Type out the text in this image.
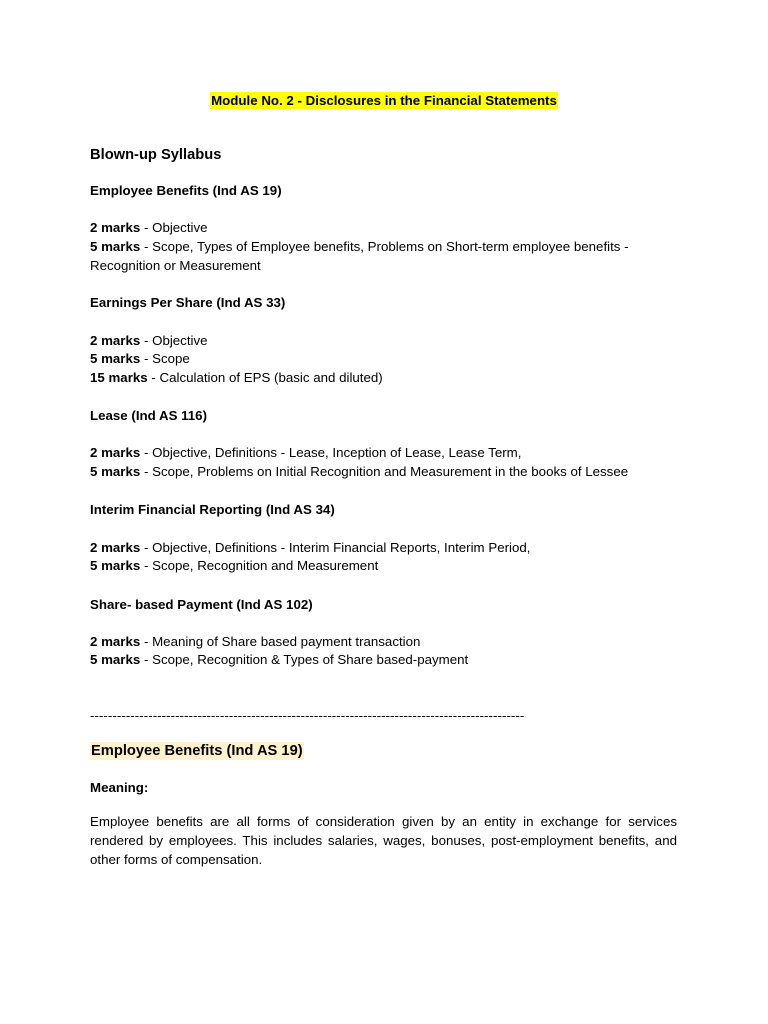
Module No. 2 - Disclosures in the Financial Statements
Blown-up Syllabus
Employee Benefits (Ind AS 19)
2 marks - Objective
5 marks - Scope, Types of Employee benefits, Problems on Short-term employee benefits -
Recognition or Measurement
Earnings Per Share (Ind AS 33)
2 marks - Objective
5 marks - Scope
15 marks - Calculation of EPS (basic and diluted)
Lease (Ind AS 116)
2 marks - Objective, Definitions - Lease, Inception of Lease, Lease Term,
5 marks - Scope, Problems on Initial Recognition and Measurement in the books of Lessee
Interim Financial Reporting (Ind AS 34)
2 marks - Objective, Definitions - Interim Financial Reports, Interim Period,
5 marks - Scope, Recognition and Measurement
Share- based Payment (Ind AS 102)
2 marks - Meaning of Share based payment transaction
5 marks - Scope, Recognition & Types of Share based-payment
-------------------------------------------------------------------------------------------------
Employee Benefits (Ind AS 19)
Meaning:
Employee benefits are all forms of consideration given by an entity in exchange for services rendered by employees. This includes salaries, wages, bonuses, post-employment benefits, and other forms of compensation.
